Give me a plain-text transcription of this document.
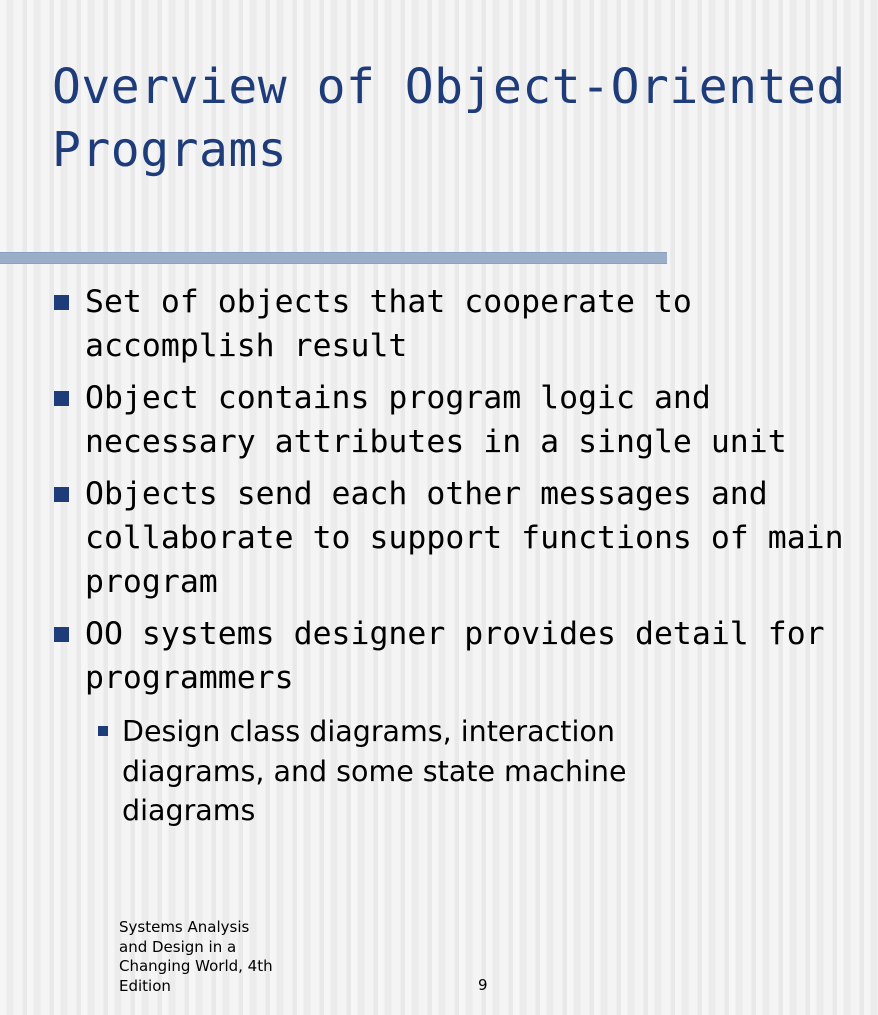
Overview of Object-Oriented
Programs
Set of objects that cooperate to
accomplish result
Object contains program logic and
necessary attributes in a single unit
Objects send each other messages and
collaborate to support functions of main
program
OO systems designer provides detail for
programmers
Design class diagrams, interaction
diagrams, and some state machine
diagrams
Systems Analysis
and Design in a
Changing World, 4th
Edition	9
